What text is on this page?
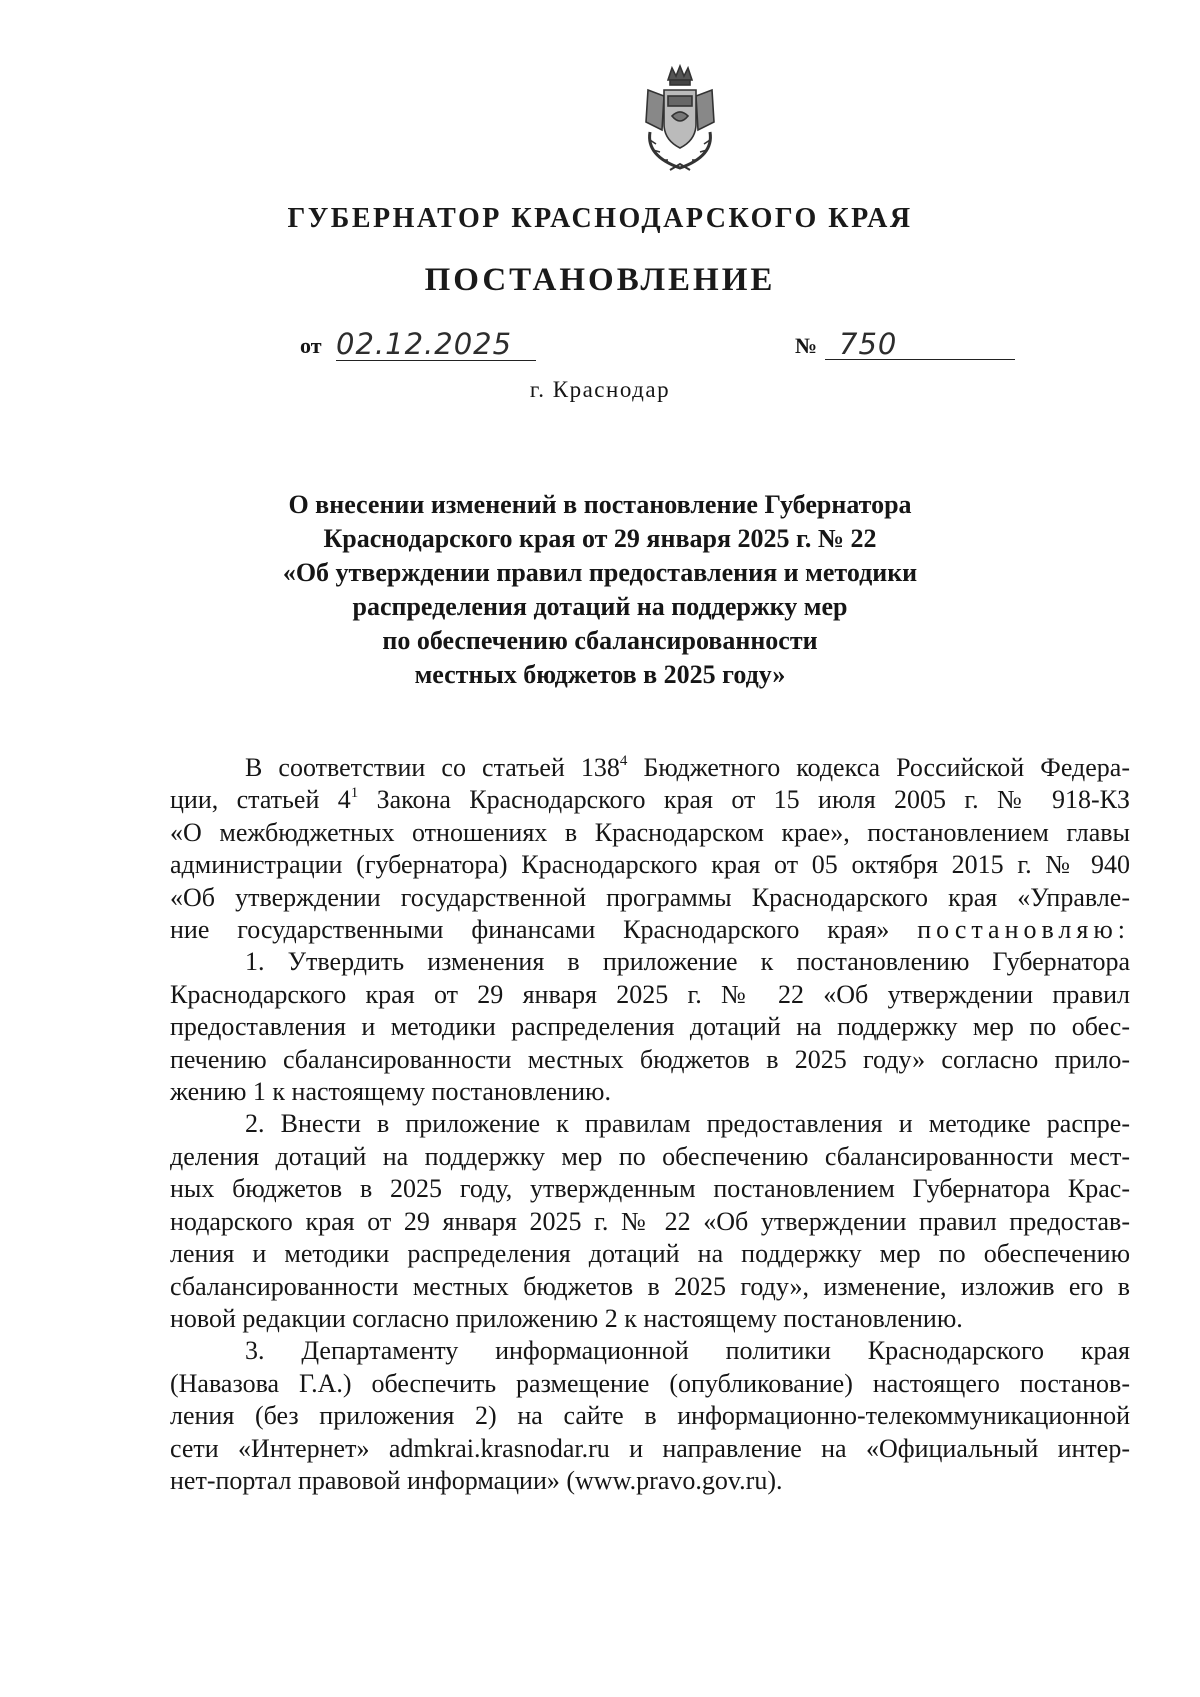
ГУБЕРНАТОР КРАСНОДАРСКОГО КРАЯ
ПОСТАНОВЛЕНИЕ
от 02.12.2025	№ 750
г. Краснодар
О внесении изменений в постановление Губернатора
Краснодарского края от 29 января 2025 г. № 22
«Об утверждении правил предоставления и методики
распределения дотаций на поддержку мер
по обеспечению сбалансированности
местных бюджетов в 2025 году»
В соответствии со статьей $138^4$ Бюджетного кодекса Российской Федера-
ции, статьей $4^1$ Закона Краснодарского края от 15 июля 2005 г. № 918-КЗ
«О межбюджетных отношениях в Краснодарском крае», постановлением главы
администрации (губернатора) Краснодарского края от 05 октября 2015 г. № 940
«Об утверждении государственной программы Краснодарского края «Управле-
ние государственными финансами Краснодарского края» постановляю:
1. Утвердить изменения в приложение к постановлению Губернатора
Краснодарского края от 29 января 2025 г. № 22 «Об утверждении правил
предоставления и методики распределения дотаций на поддержку мер по обес-
печению сбалансированности местных бюджетов в 2025 году» согласно прило-
жению 1 к настоящему постановлению.
2. Внести в приложение к правилам предоставления и методике распре-
деления дотаций на поддержку мер по обеспечению сбалансированности мест-
ных бюджетов в 2025 году, утвержденным постановлением Губернатора Крас-
нодарского края от 29 января 2025 г. № 22 «Об утверждении правил предостав-
ления и методики распределения дотаций на поддержку мер по обеспечению
сбалансированности местных бюджетов в 2025 году», изменение, изложив его в
новой редакции согласно приложению 2 к настоящему постановлению.
3. Департаменту информационной политики Краснодарского края
(Навазова Г.А.) обеспечить размещение (опубликование) настоящего постанов-
ления (без приложения 2) на сайте в информационно-телекоммуникационной
сети «Интернет» admkrai.krasnodar.ru и направление на «Официальный интер-
нет-портал правовой информации» (www.pravo.gov.ru).
